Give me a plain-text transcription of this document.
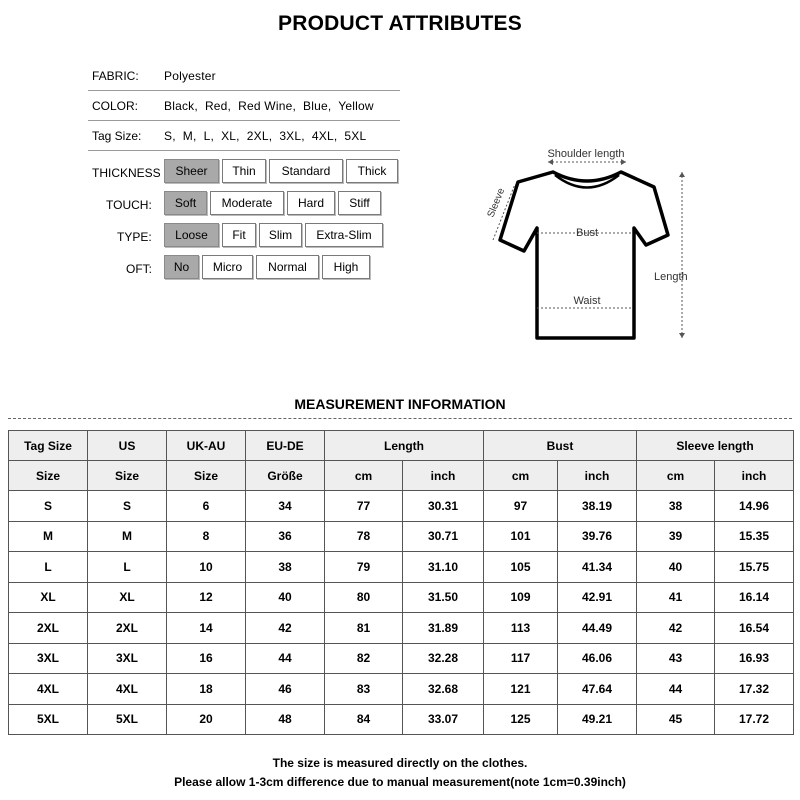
PRODUCT ATTRIBUTES
FABRIC: Polyester
COLOR: Black,  Red,  Red Wine,  Blue,  Yellow
Tag Size: S,  M,  L,  XL,  2XL,  3XL,  4XL,  5XL
THICKNESS	Sheer	Thin	Standard	Thick
TOUCH:	Soft	Moderate	Hard	Stiff
TYPE:	Loose	Fit	Slim	Extra-Slim
OFT:	No	Micro	Normal	High
Shoulder length
Bust
Waist
Length
Sleeve
MEASUREMENT INFORMATION
Tag Size	US	UK-AU	EU-DE	Length		Bust		Sleeve length	
Size	Size	Size	Größe	cm	inch	cm	inch	cm	inch
S	S	6	34	77	30.31	97	38.19	38	14.96
M	M	8	36	78	30.71	101	39.76	39	15.35
L	L	10	38	79	31.10	105	41.34	40	15.75
XL	XL	12	40	80	31.50	109	42.91	41	16.14
2XL	2XL	14	42	81	31.89	113	44.49	42	16.54
3XL	3XL	16	44	82	32.28	117	46.06	43	16.93
4XL	4XL	18	46	83	32.68	121	47.64	44	17.32
5XL	5XL	20	48	84	33.07	125	49.21	45	17.72
The size is measured directly on the clothes.
Please allow 1-3cm difference due to manual measurement(note 1cm=0.39inch)
